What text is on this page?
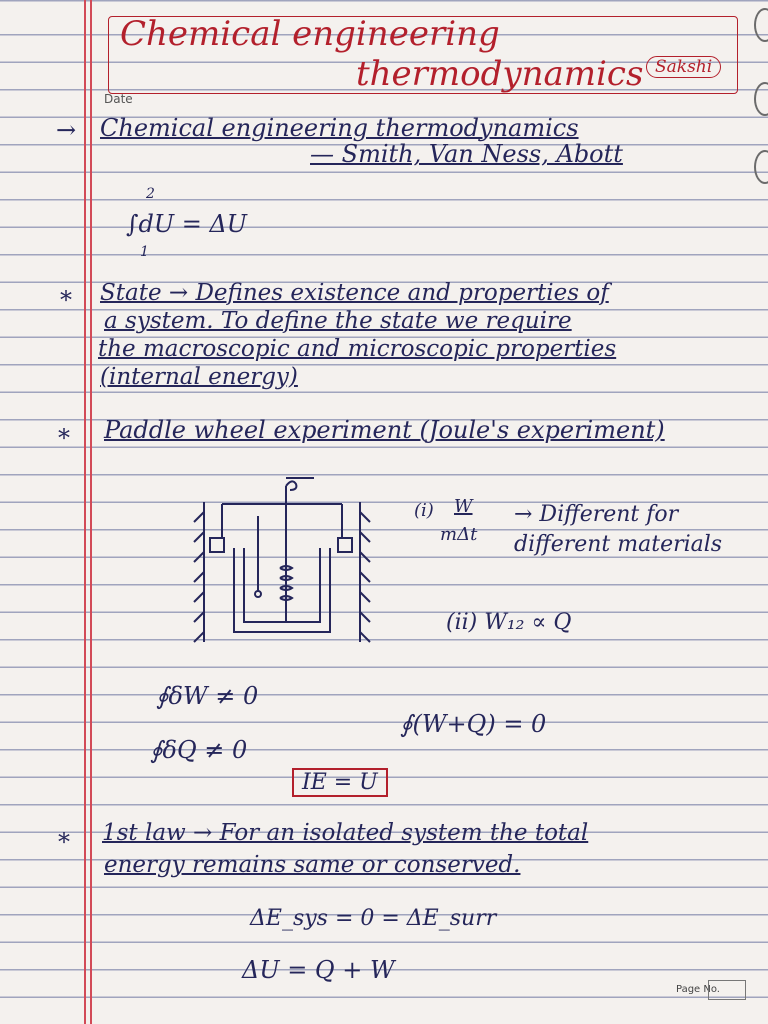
Chemical engineering
thermodynamics Sakshi
Date
→ Chemical engineering thermodynamics
— Smith, Van Ness, Abott
2
∫dU = ΔU
1
* State → Defines existence and properties of
a system. To define the state we require
the macroscopic and microscopic properties
(internal energy)
* Paddle wheel experiment (Joule's experiment)
(i) W
mΔt
→ Different for different materials
(ii) W₁₂ ∝ Q
∮δW ≠ 0
∮δQ ≠ 0
∮(W+Q) = 0
IE = U
* 1st law → For an isolated system the total
energy remains same or conserved.
ΔE_sys = 0 = ΔE_surr
ΔU = Q + W
Page No.
